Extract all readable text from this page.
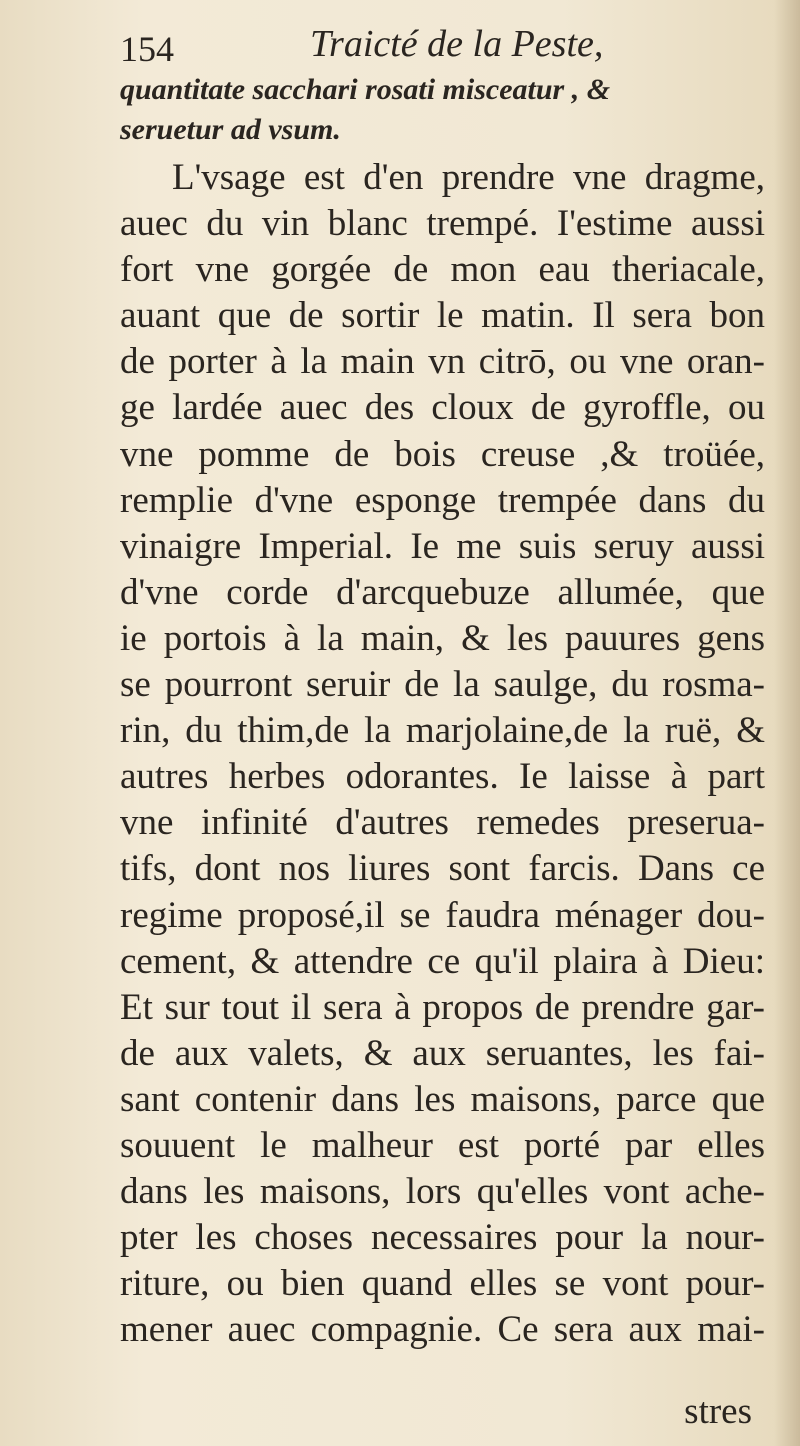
154	Traicté de la Peste,
quantitate sacchari rosati misceatur , &
seruetur ad vsum.
L'vsage est d'en prendre vne dragme,
auec du vin blanc trempé. I'estime aussi
fort vne gorgée de mon eau theriacale,
auant que de sortir le matin. Il sera bon
de porter à la main vn citrō, ou vne oran-
ge lardée auec des cloux de gyroffle, ou
vne pomme de bois creuse ,& troüée,
remplie d'vne esponge trempée dans du
vinaigre Imperial. Ie me suis seruy aussi
d'vne corde d'arcquebuze allumée, que
ie portois à la main, & les pauures gens
se pourront seruir de la saulge, du rosma-
rin, du thim,de la marjolaine,de la ruë, &
autres herbes odorantes. Ie laisse à part
vne infinité d'autres remedes preserua-
tifs, dont nos liures sont farcis. Dans ce
regime proposé,il se faudra ménager dou-
cement, & attendre ce qu'il plaira à Dieu:
Et sur tout il sera à propos de prendre gar-
de aux valets, & aux seruantes, les fai-
sant contenir dans les maisons, parce que
souuent le malheur est porté par elles
dans les maisons, lors qu'elles vont ache-
pter les choses necessaires pour la nour-
riture, ou bien quand elles se vont pour-
mener auec compagnie. Ce sera aux mai-
stres
